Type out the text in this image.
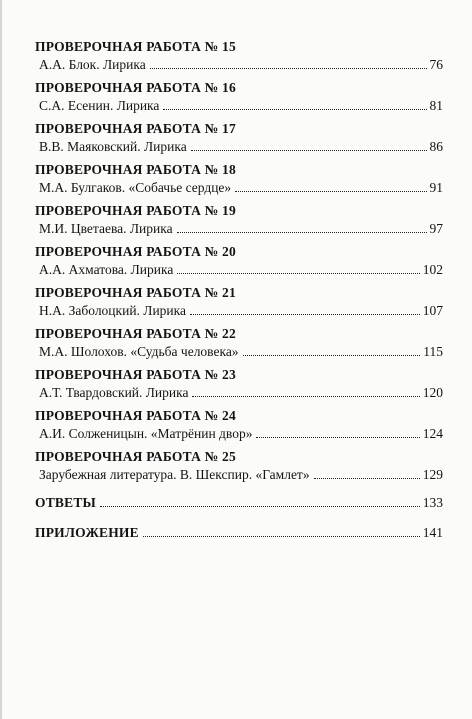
ПРОВЕРОЧНАЯ РАБОТА № 15
А.А. Блок. Лирика	76
ПРОВЕРОЧНАЯ РАБОТА № 16
С.А. Есенин. Лирика	81
ПРОВЕРОЧНАЯ РАБОТА № 17
В.В. Маяковский. Лирика	86
ПРОВЕРОЧНАЯ РАБОТА № 18
М.А. Булгаков. «Собачье сердце»	91
ПРОВЕРОЧНАЯ РАБОТА № 19
М.И. Цветаева. Лирика	97
ПРОВЕРОЧНАЯ РАБОТА № 20
А.А. Ахматова. Лирика	102
ПРОВЕРОЧНАЯ РАБОТА № 21
Н.А. Заболоцкий. Лирика	107
ПРОВЕРОЧНАЯ РАБОТА № 22
М.А. Шолохов. «Судьба человека»	115
ПРОВЕРОЧНАЯ РАБОТА № 23
А.Т. Твардовский. Лирика	120
ПРОВЕРОЧНАЯ РАБОТА № 24
А.И. Солженицын. «Матрёнин двор»	124
ПРОВЕРОЧНАЯ РАБОТА № 25
Зарубежная литература. В. Шекспир. «Гамлет»	129
ОТВЕТЫ	133
ПРИЛОЖЕНИЕ	141
